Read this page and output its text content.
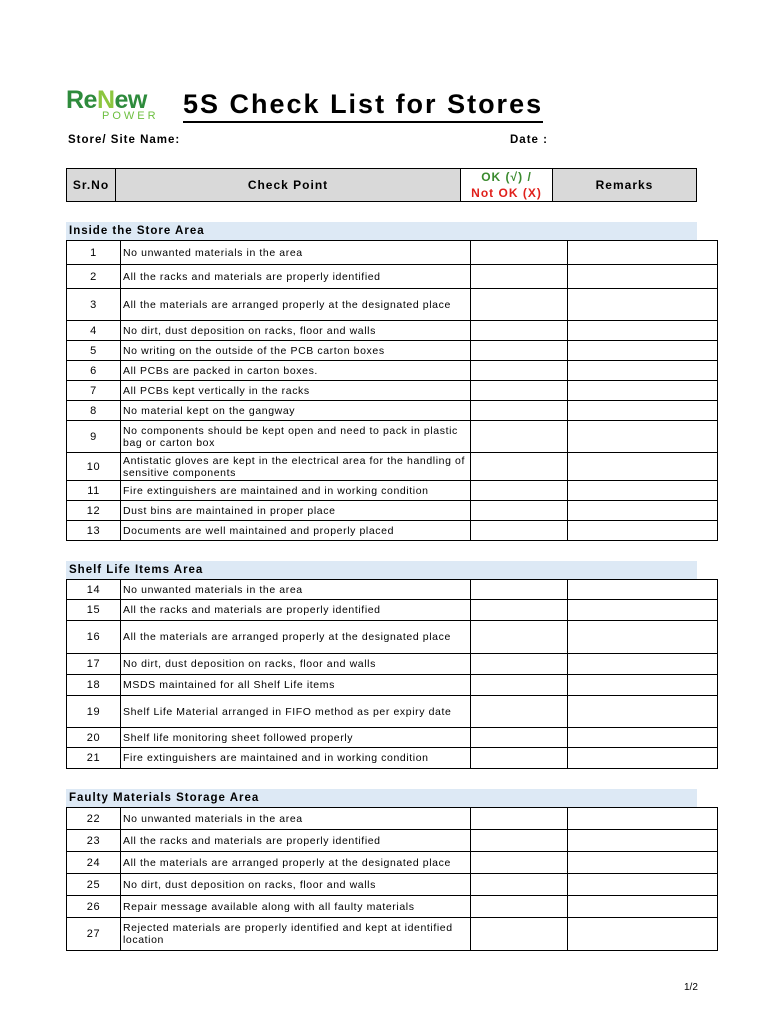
ReNew
POWER 5S Check List for Stores
Store/ Site Name:	Date :
Sr.No	Check Point
OK (√) /
Not OK (X)
Remarks
Inside the Store Area
1	No unwanted materials in the area		
2	All the racks and materials are properly identified		
3	All the materials are arranged properly at the designated place		
4	No dirt, dust deposition on racks, floor and walls		
5	No writing on the outside of the PCB carton boxes		
6	All PCBs are packed in carton boxes.		
7	All PCBs kept vertically in the racks		
8	No material kept on the gangway		
9	No components should be kept open and need to pack in plastic bag or carton box		
10	Antistatic gloves are kept in the electrical area for the handling of sensitive components		
11	Fire extinguishers are maintained and in working condition		
12	Dust bins are maintained in proper place		
13	Documents are well maintained and properly placed		
Shelf Life Items Area
14	No unwanted materials in the area		
15	All the racks and materials are properly identified		
16	All the materials are arranged properly at the designated place		
17	No dirt, dust deposition on racks, floor and walls		
18	MSDS maintained for all Shelf Life items		
19	Shelf Life Material arranged in FIFO method as per expiry date		
20	Shelf life monitoring sheet followed properly		
21	Fire extinguishers are maintained and in working condition		
Faulty Materials Storage Area
22	No unwanted materials in the area		
23	All the racks and materials are properly identified		
24	All the materials are arranged properly at the designated place		
25	No dirt, dust deposition on racks, floor and walls		
26	Repair message available along with all faulty materials		
27	Rejected materials are properly identified and kept at identified location		
1/2
